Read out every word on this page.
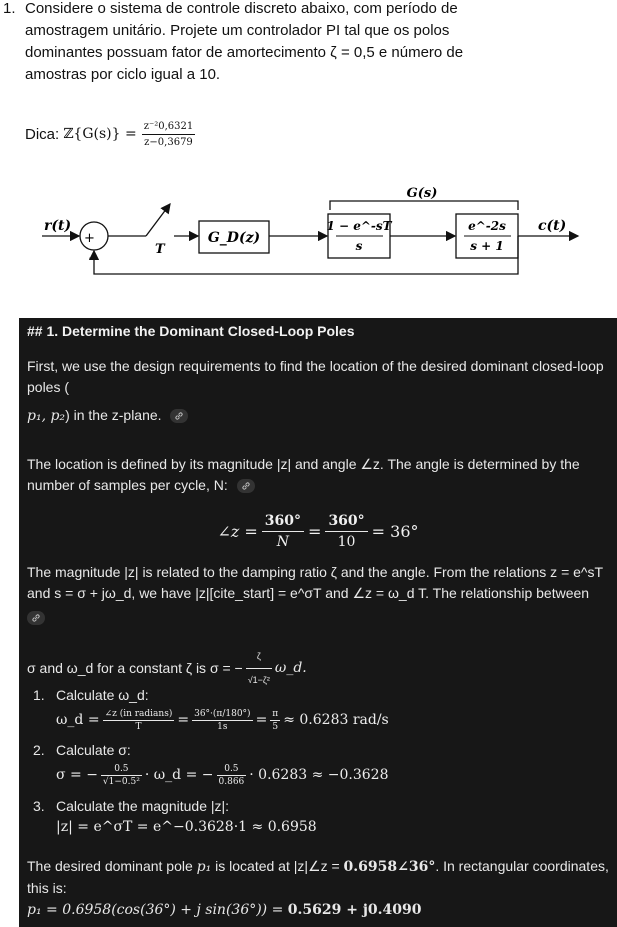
1. Considere o sistema de controle discreto abaixo, com período de
amostragem unitário. Projete um controlador PI tal que os polos
dominantes possuam fator de amortecimento ζ = 0,5 e número de
amostras por ciclo igual a 10.
Dica: ℤ{G(s)} = $\frac{\text{z⁻²0,6321}}{z-0,3679}$
r(t)
+
−
T
G_D(z)
G(s)
1 − e^-sT
s
e^-2s
s + 1
c(t)
## 1. Determine the Dominant Closed-Loop Poles
First, we use the design requirements to find the location of the desired dominant closed-loop
poles (
p₁, p₂) in the z-plane.
The location is defined by its magnitude |z| and angle ∠z. The angle is determined by the
number of samples per cycle, N:
∠z = $\frac{360^\circ}{N} = \frac{360^\circ}{10} = 36^\circ$
The magnitude |z| is related to the damping ratio ζ and the angle. From the relations z = e^sT
and s = σ + jω_d, we have |z|[cite_start] = e^σT and ∠z = ω_d T. The relationship between
σ and ω_d for a constant ζ is σ = − $\frac{\zeta}{\text{√1−ζ²}}$ ω_d.
1. Calculate ω_d:
ω_d = $\frac{\text{∠z (in radians)}}{T} = \frac{36^\circ\cdot(\pi/180^\circ)}{1s} = \frac{\pi}{5} \approx 0.6283$ rad/s
2. Calculate σ:
σ = − $\frac{0.5}{\text{√1−0.5²}}$ · ω_d = − $\frac{0.5}{0.866} \cdot 0.6283 \approx -0.3628$
3. Calculate the magnitude |z|:
|z| = e^σT = e^−0.3628·1 ≈ 0.6958
The desired dominant pole p₁ is located at |z|∠z = 0.6958∠36°. In rectangular coordinates,
this is:
p₁ = 0.6958(cos(36°) + j sin(36°)) = 0.5629 + j0.4090
